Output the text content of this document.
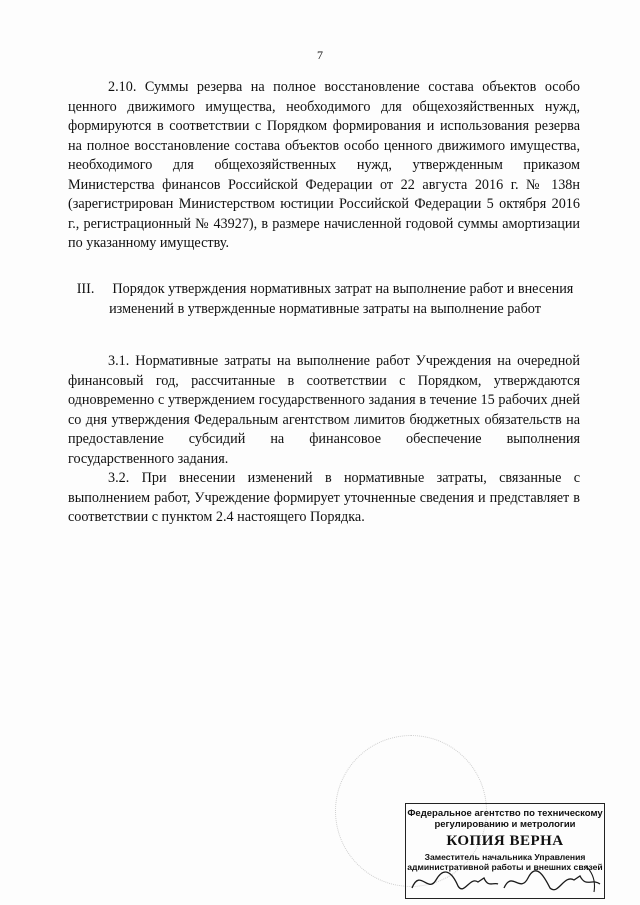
7

2.10. Суммы резерва на полное восстановление состава объектов особо ценного движимого имущества, необходимого для общехозяйственных нужд, формируются в соответствии с Порядком формирования и использования резерва на полное восстановление состава объектов особо ценного движимого имущества, необходимого для общехозяйственных нужд, утвержденным приказом Министерства финансов Российской Федерации от 22 августа 2016 г. № 138н (зарегистрирован Министерством юстиции Российской Федерации 5 октября 2016 г., регистрационный № 43927), в размере начисленной годовой суммы амортизации по указанному имуществу.

III. Порядок утверждения нормативных затрат на выполнение работ и внесения изменений в утвержденные нормативные затраты на выполнение работ

3.1. Нормативные затраты на выполнение работ Учреждения на очередной финансовый год, рассчитанные в соответствии с Порядком, утверждаются одновременно с утверждением государственного задания в течение 15 рабочих дней со дня утверждения Федеральным агентством лимитов бюджетных обязательств на предоставление субсидий на финансовое обеспечение выполнения государственного задания.

3.2. При внесении изменений в нормативные затраты, связанные с выполнением работ, Учреждение формирует уточненные сведения и представляет в соответствии с пунктом 2.4 настоящего Порядка.

Федеральное агентство по техническому
регулированию и метрологии
КОПИЯ ВЕРНА
Заместитель начальника Управления
административной работы и внешних связей
